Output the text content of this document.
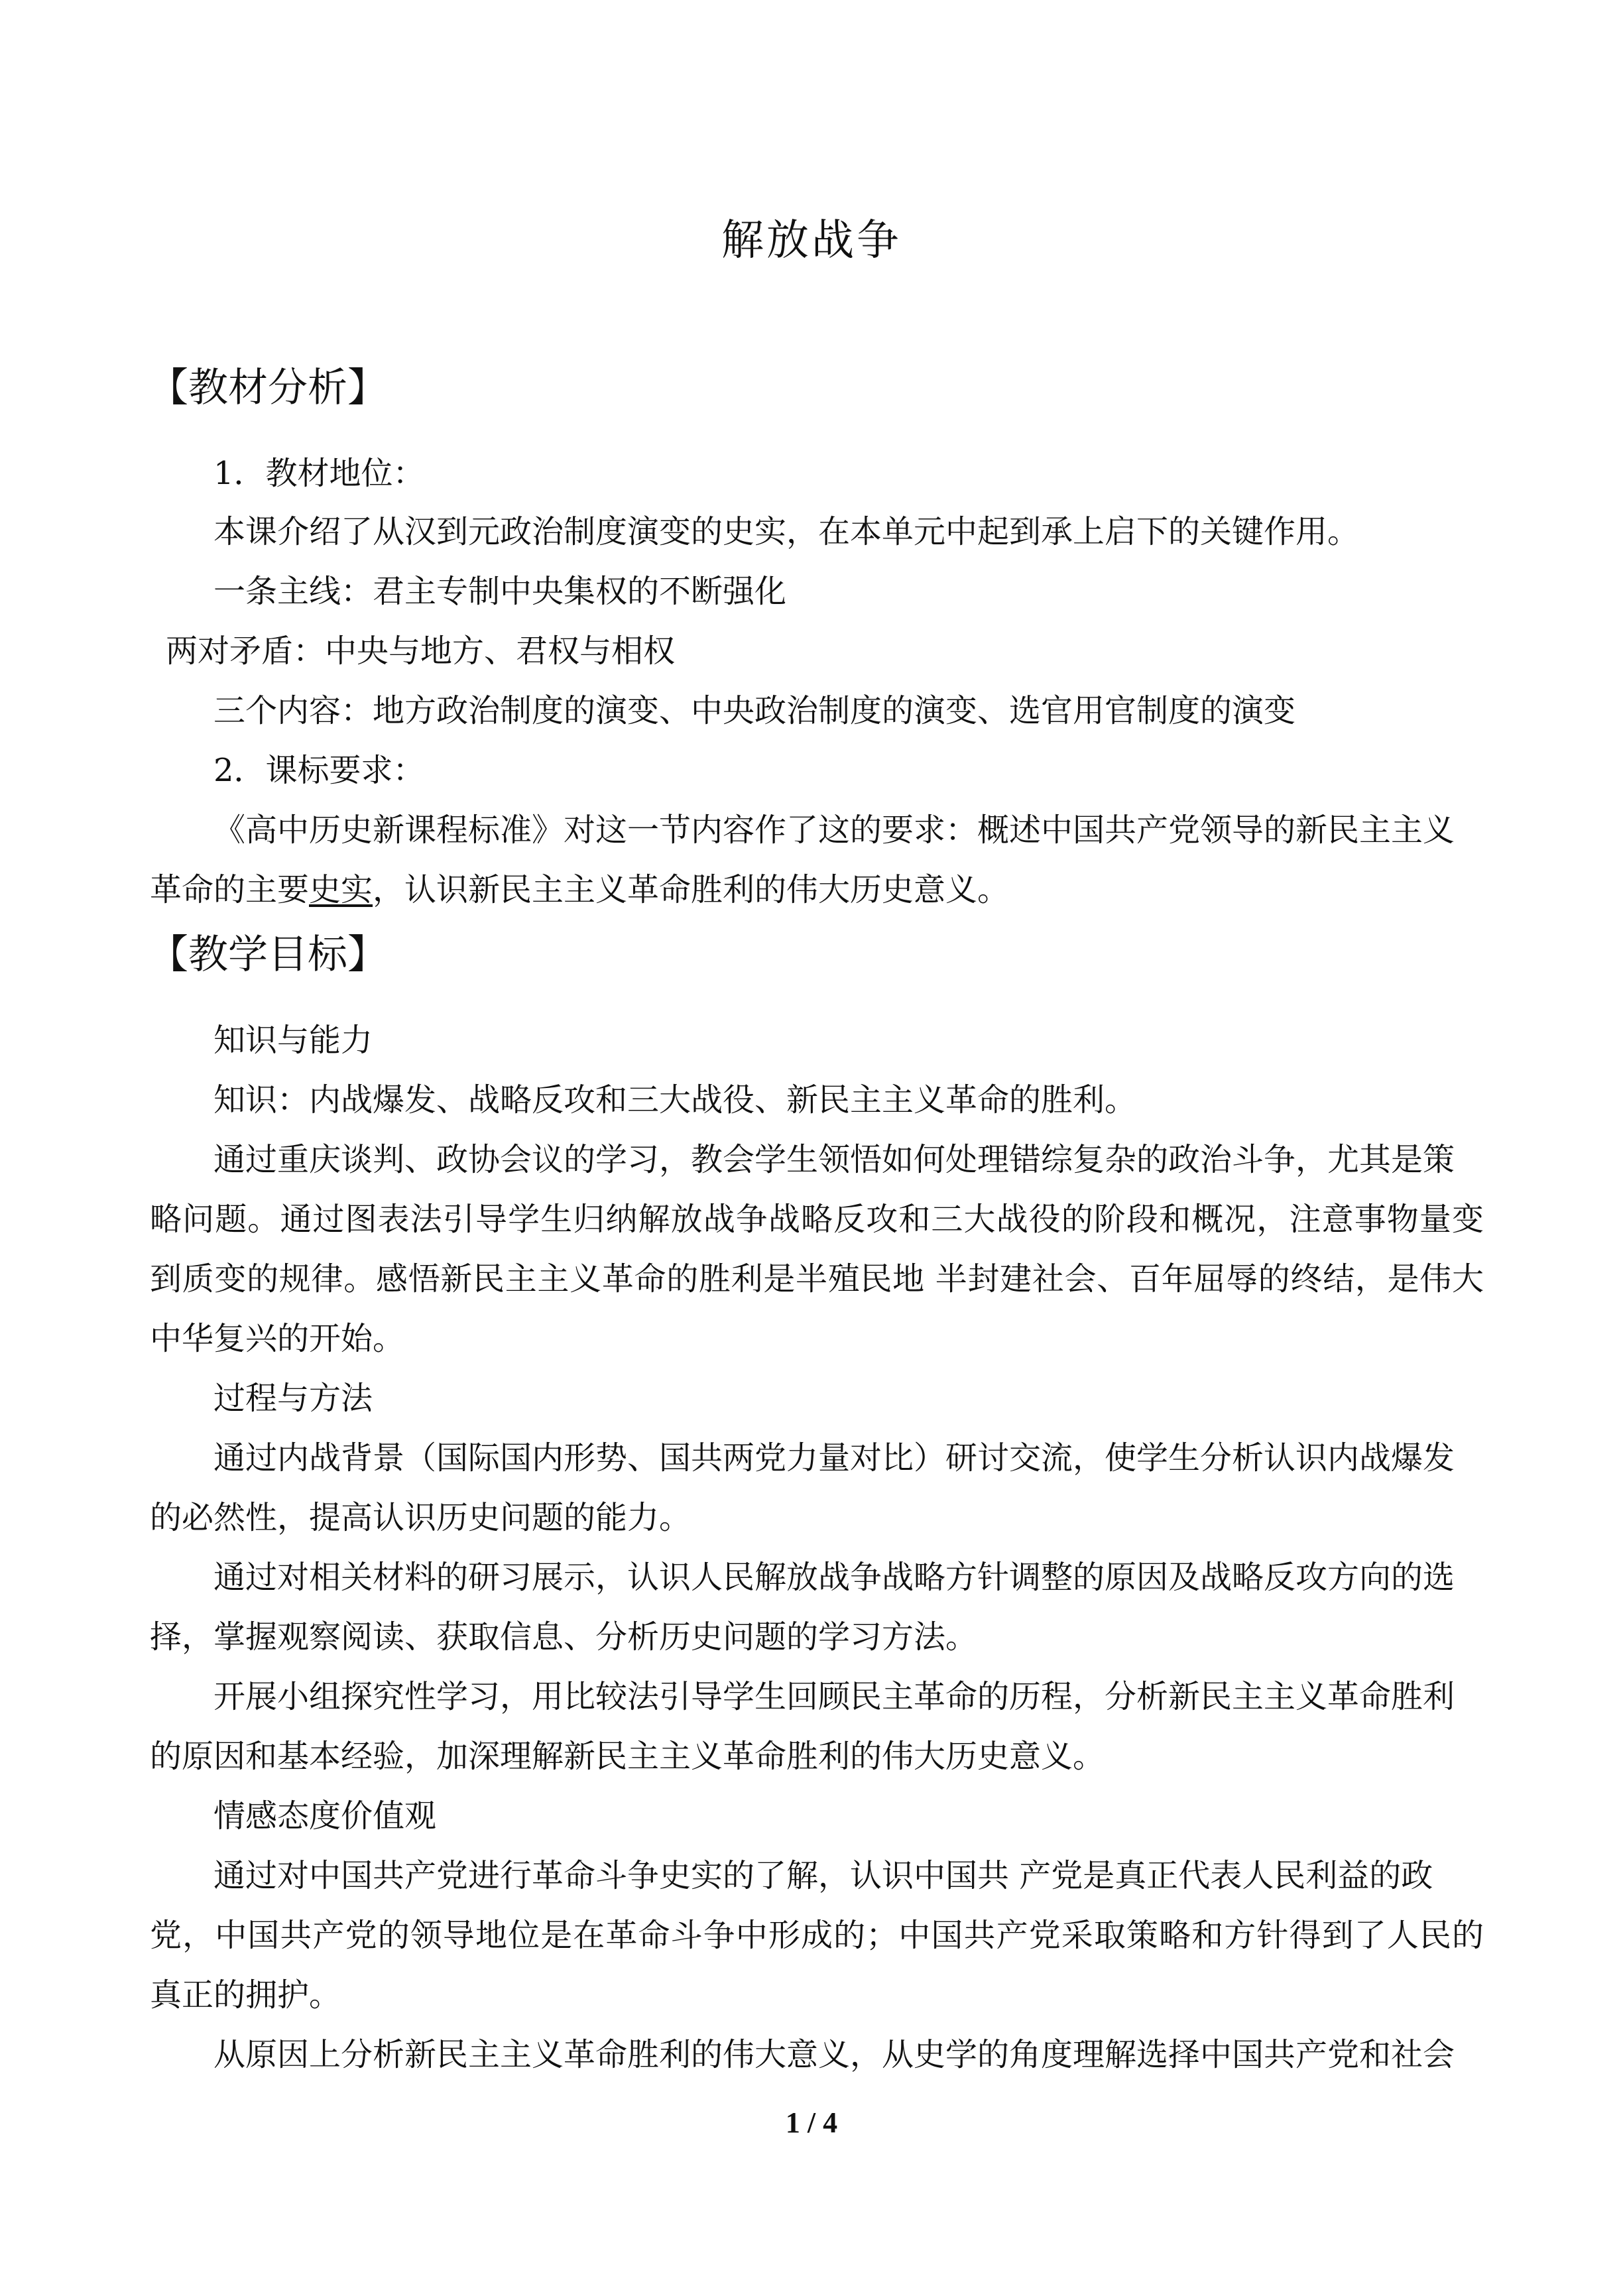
解放战争
【教材分析】
1．教材地位：
本课介绍了从汉到元政治制度演变的史实，在本单元中起到承上启下的关键作用。
一条主线：君主专制中央集权的不断强化
两对矛盾：中央与地方、君权与相权
三个内容：地方政治制度的演变、中央政治制度的演变、选官用官制度的演变
2．课标要求：
《高中历史新课程标准》对这一节内容作了这的要求：概述中国共产党领导的新民主主义
革命的主要史实，认识新民主主义革命胜利的伟大历史意义。
【教学目标】
知识与能力
知识：内战爆发、战略反攻和三大战役、新民主主义革命的胜利。
通过重庆谈判、政协会议的学习，教会学生领悟如何处理错综复杂的政治斗争，尤其是策
略问题。通过图表法引导学生归纳解放战争战略反攻和三大战役的阶段和概况，注意事物量变
到质变的规律。感悟新民主主义革命的胜利是半殖民地 半封建社会、百年屈辱的终结，是伟大
中华复兴的开始。
过程与方法
通过内战背景（国际国内形势、国共两党力量对比）研讨交流，使学生分析认识内战爆发
的必然性，提高认识历史问题的能力。
通过对相关材料的研习展示，认识人民解放战争战略方针调整的原因及战略反攻方向的选
择，掌握观察阅读、获取信息、分析历史问题的学习方法。
开展小组探究性学习，用比较法引导学生回顾民主革命的历程，分析新民主主义革命胜利
的原因和基本经验，加深理解新民主主义革命胜利的伟大历史意义。
情感态度价值观
通过对中国共产党进行革命斗争史实的了解，认识中国共 产党是真正代表人民利益的政
党，中国共产党的领导地位是在革命斗争中形成的；中国共产党采取策略和方针得到了人民的
真正的拥护。
从原因上分析新民主主义革命胜利的伟大意义，从史学的角度理解选择中国共产党和社会
1 / 4
